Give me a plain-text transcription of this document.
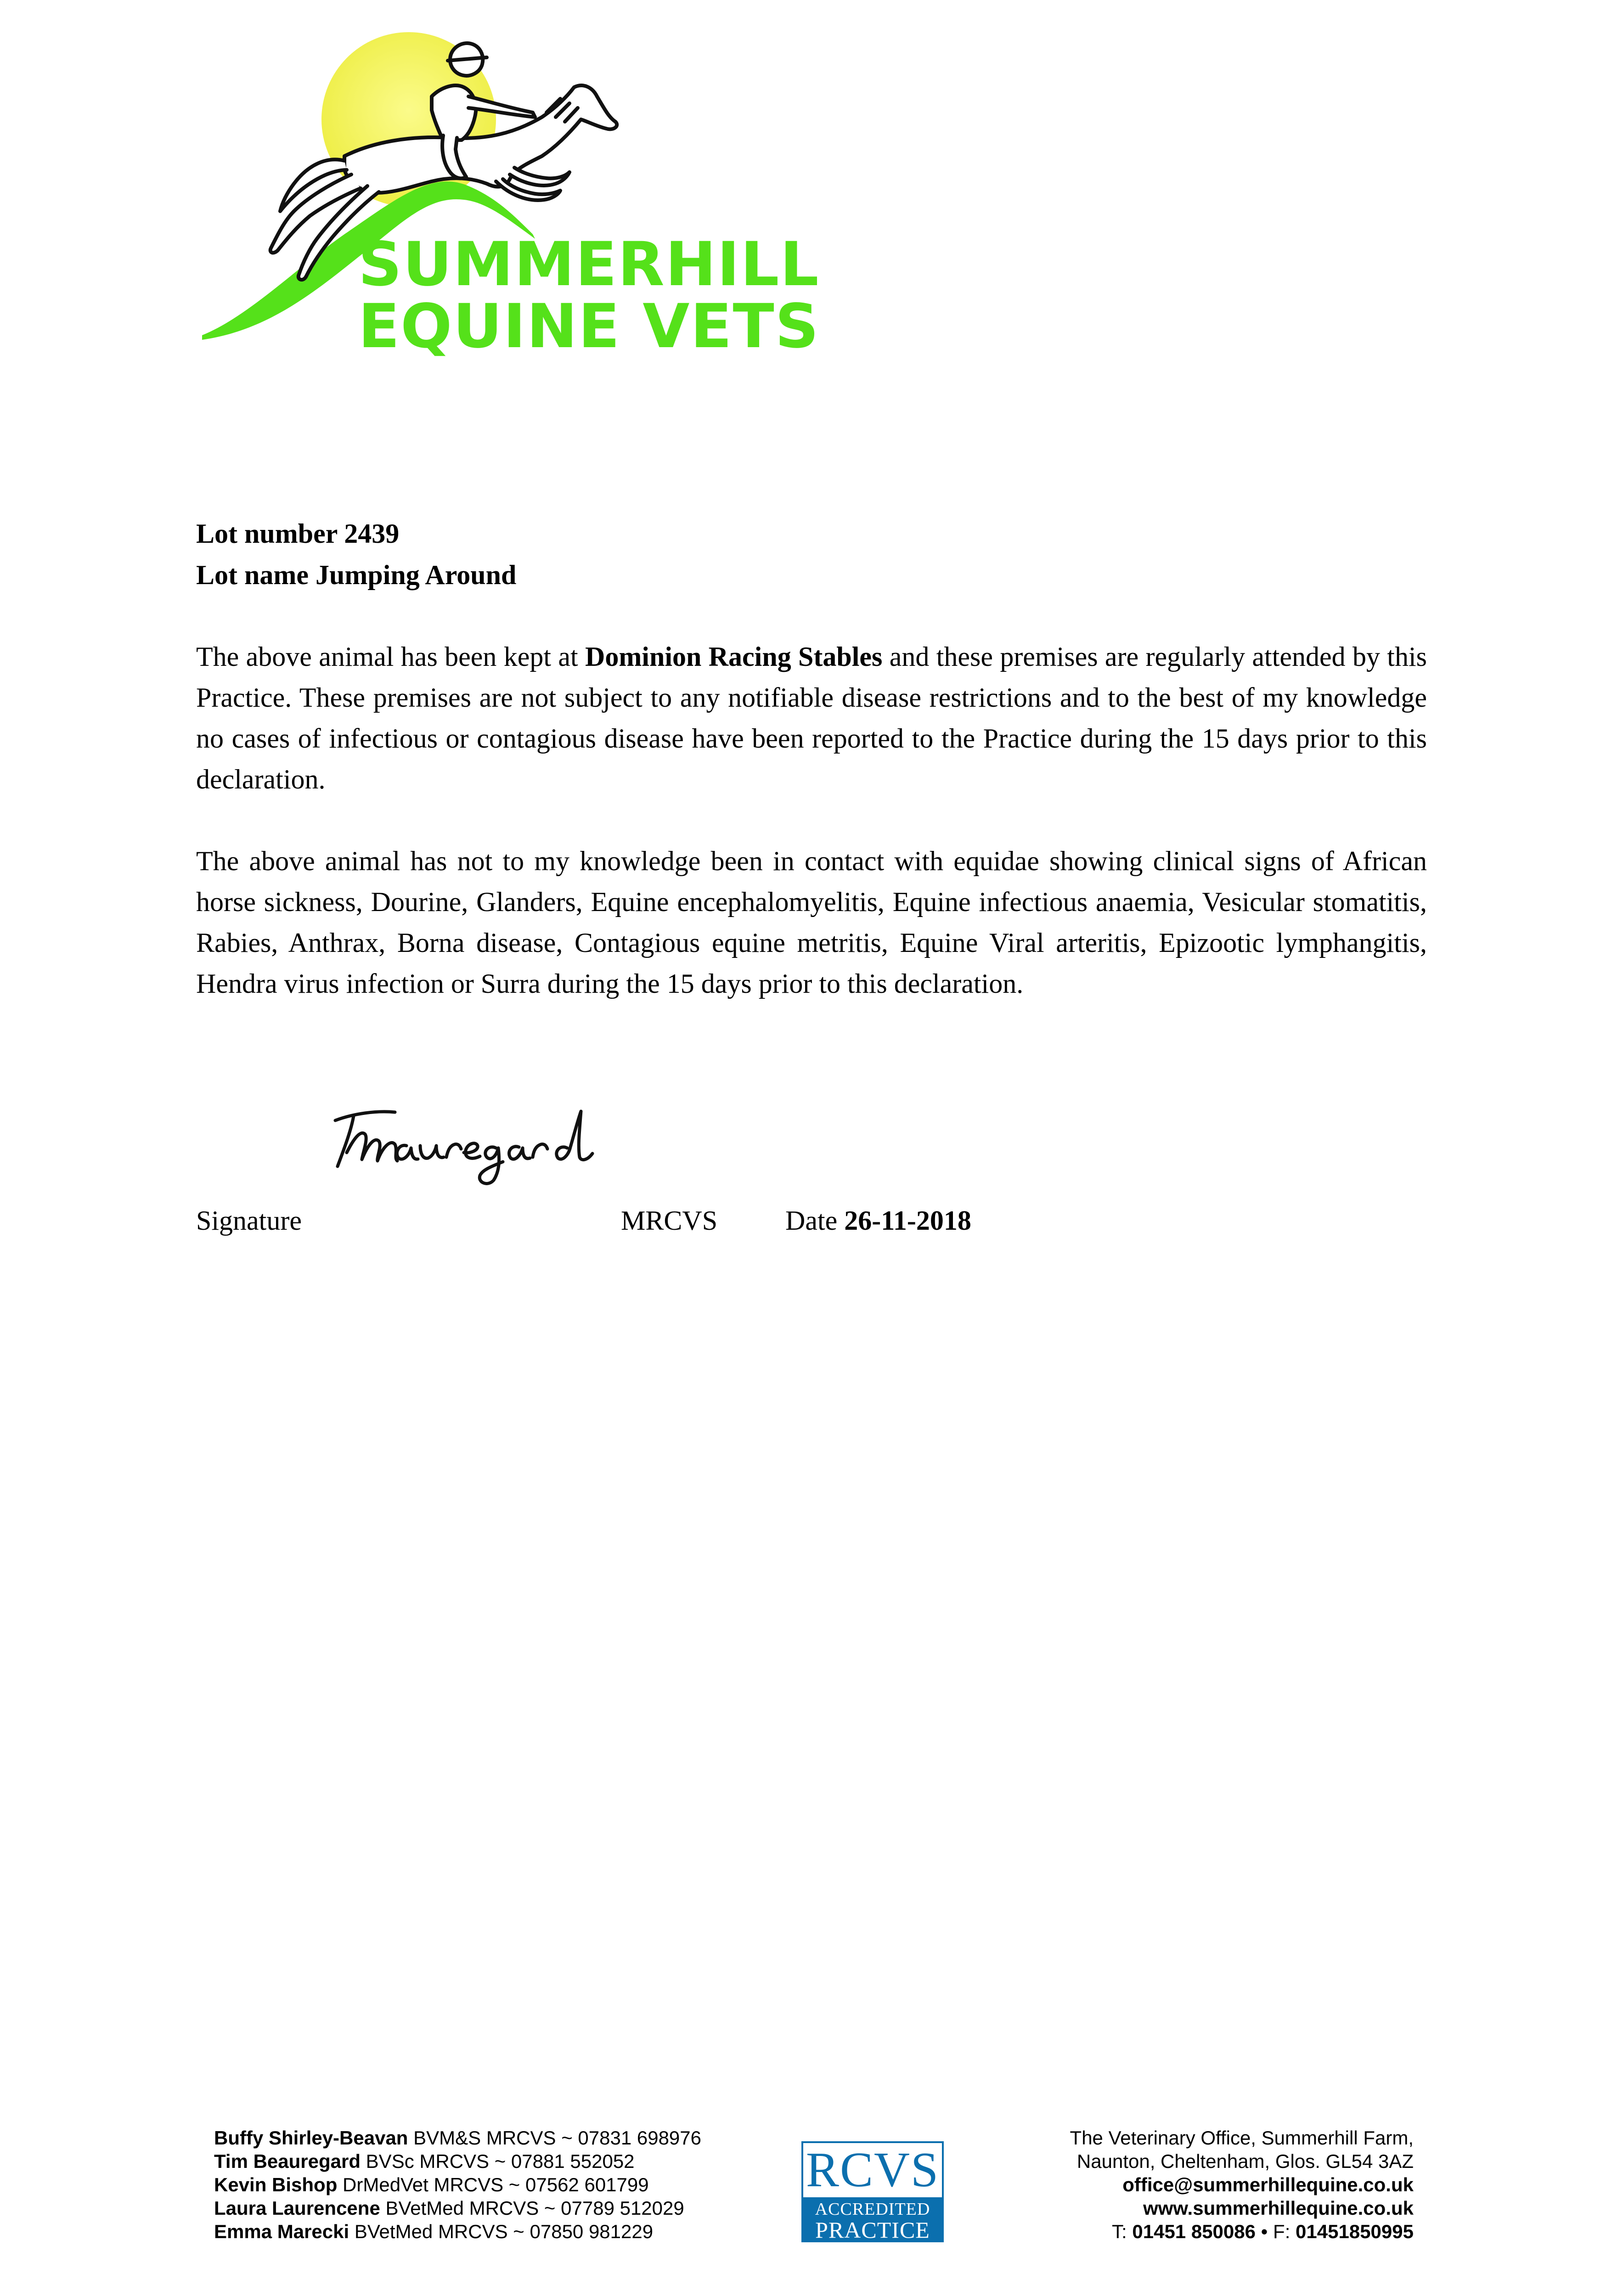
SUMMERHILL
EQUINE VETS
Lot number 2439
Lot name Jumping Around
The above animal has been kept at Dominion Racing Stables and these premises are regularly attended by this Practice. These premises are not subject to any notifiable disease restrictions and to the best of my knowledge no cases of infectious or contagious disease have been reported to the Practice during the 15 days prior to this declaration.
The above animal has not to my knowledge been in contact with equidae showing clinical signs of African horse sickness, Dourine, Glanders, Equine encephalomyelitis, Equine infectious anaemia, Vesicular stomatitis, Rabies, Anthrax, Borna disease, Contagious equine metritis, Equine Viral arteritis, Epizootic lymphangitis, Hendra virus infection or Surra during the 15 days prior to this declaration.
Signature	MRCVS Date 26-11-2018
Buffy Shirley-Beavan BVM&S MRCVS ~ 07831 698976
Tim Beauregard BVSc MRCVS ~ 07881 552052
Kevin Bishop DrMedVet MRCVS ~ 07562 601799
Laura Laurencene BVetMed MRCVS ~ 07789 512029
Emma Marecki BVetMed MRCVS ~ 07850 981229
RCVS
ACCREDITED
PRACTICE
The Veterinary Office, Summerhill Farm,
Naunton, Cheltenham, Glos. GL54 3AZ
office@summerhillequine.co.uk
www.summerhillequine.co.uk
T: 01451 850086 • F: 01451850995
